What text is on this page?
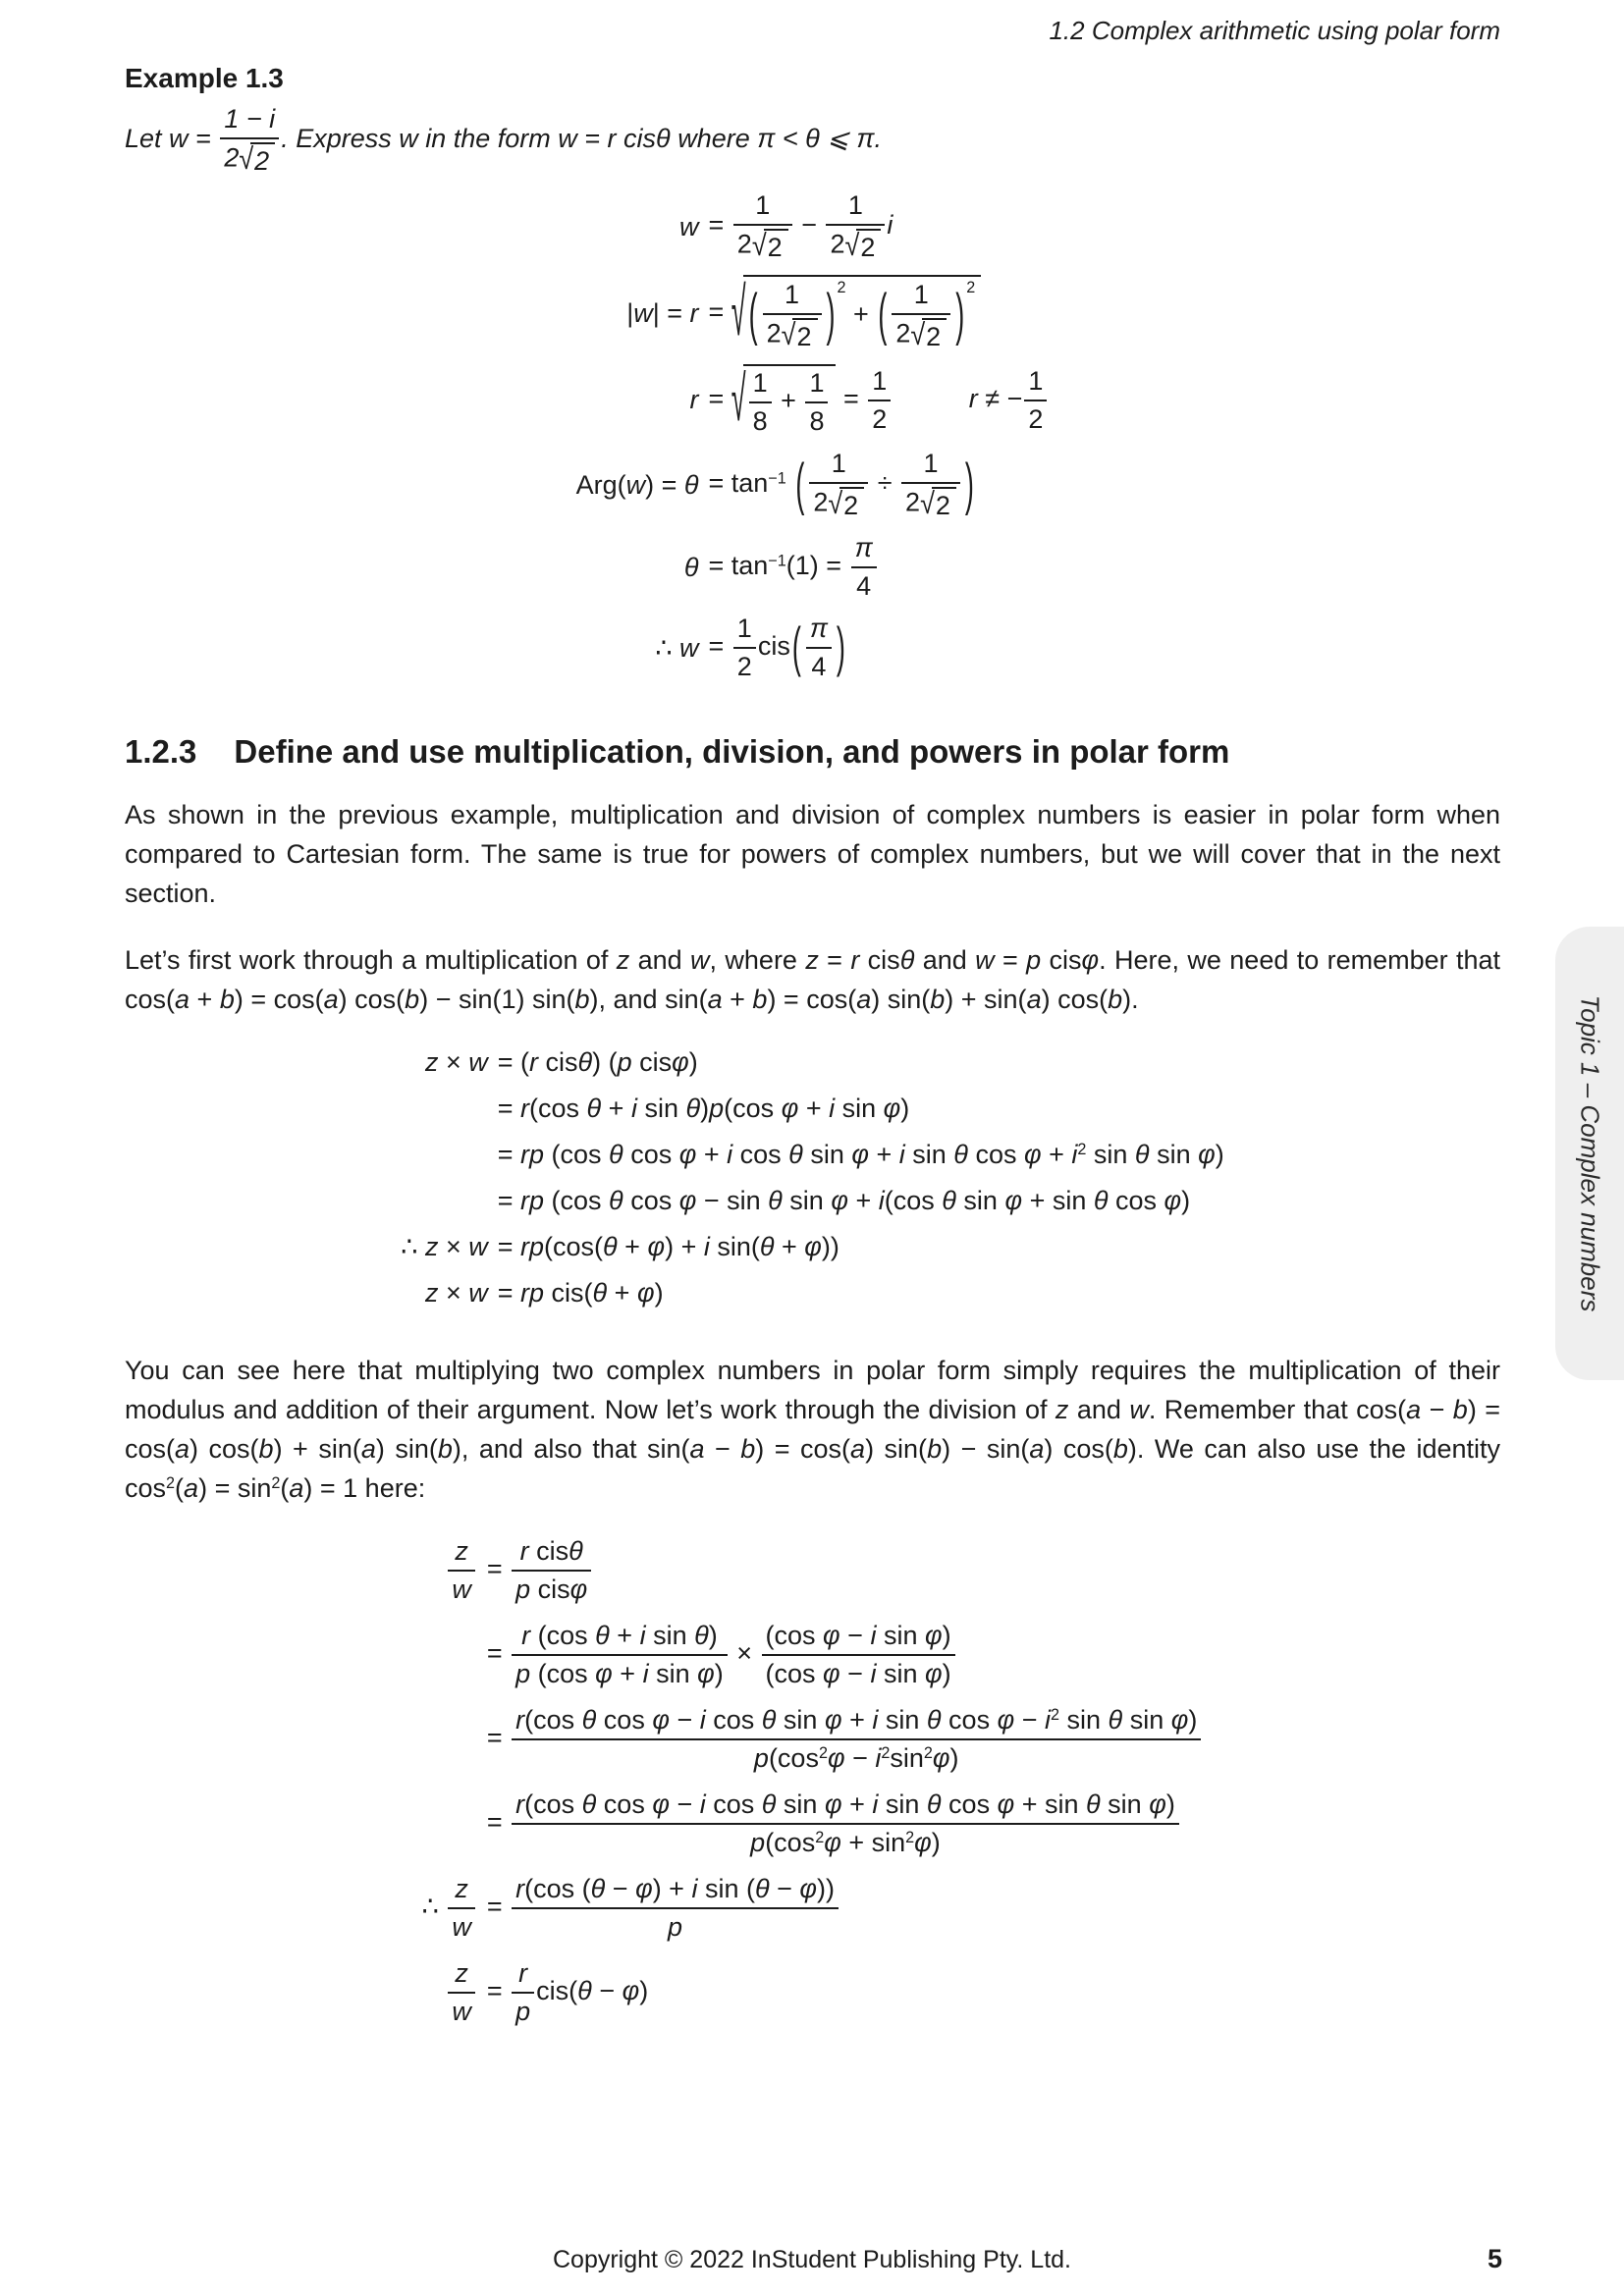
1.2 Complex arithmetic using polar form
Example 1.3

Let $w = \frac{1 - i}{2√2}$ . Express w in the form w = r cisθ where π < θ ⩽ π.

$w = \frac{1}{2√2} - \frac{1}{2√2}$ i
|w| = r = √ ( $\frac{1}{2√2}$ ) $^2$ + ( $\frac{1}{2√2}$ ) $^2$
r = √ $\frac{1}{8} + \frac{1}{8} = \frac{1}{2}$	r ≠ − $\frac{1}{2}$
$Arg(w) = \theta = \tan^{-1}$ ( $\frac{1}{2√2} \div \frac{1}{2√2}$ )
$\theta = \tan^{-1}(1) = \frac{\pi}{4}$
∴ $w = \frac{1}{2} cis( \frac{\pi}{4}$ )
1.2.3 Define and use multiplication, division, and powers in polar form

As shown in the previous example, multiplication and division of complex numbers is easier in polar form when compared to Cartesian form. The same is true for powers of complex numbers, but we will cover that in the next section.

Let’s first work through a multiplication of z and w, where z = r cisθ and w = p cisφ. Here, we need to remember that cos(a + b) = cos(a) cos(b) − sin(1) sin(b), and sin(a + b) = cos(a) sin(b) + sin(a) cos(b).

z × w = (r cisθ) (p cisφ)
= r(cos θ + i sin θ)p(cos φ + i sin φ)
= rp (cos θ cos φ + i cos θ sin φ + i sin θ $\cos \varphi + i^2$ sin θ sin φ)
= rp (cos θ cos φ − sin θ sin φ + i(cos θ sin φ + sin θ cos φ)
∴ z × w = rp(cos(θ + φ) + i sin(θ + φ))
z × w = rp cis(θ + φ)

You can see here that multiplying two complex numbers in polar form simply requires the multiplication of their modulus and addition of their argument. Now let’s work through the division of z and w. Remember that cos(a − b) = cos(a) cos(b) + sin(a) sin(b), and also that sin(a − b) = cos(a) sin(b) − sin(a) cos(b). We can also use the identity $\cos^2(a) = \sin^2(a) = 1$ here:

$\frac{z}{w} = \frac{\text{r cisθ}}{\text{p cisφ}}$
= $\frac{\text{r (cos θ + i sin θ)}}{\text{p (cos φ + i sin φ)}} \times \frac{\text{(cos φ − i sin φ)}}{\text{(cos φ − i sin φ)}}$
=
r(cos θ cos φ − i cos θ sin φ + i sin θ $\cos \varphi - i^2$ sin θ sin φ)
$p(\cos^2\varphi - i^2\sin^2\varphi)$
= $\frac{\text{r(cos θ cos φ − i cos θ sin φ + i sin θ cos φ + sin θ sin φ)}}{p(\cos^2\varphi + \sin^2\varphi)}$
∴ $\frac{z}{w} = \frac{\text{r(cos (θ − φ) + i sin (θ − φ))}}{p}$
$\frac{z}{w} = \frac{r}{p} cis(\theta - \varphi)$
Topic 1 – Complex numbers
Copyright © 2022 InStudent Publishing Pty. Ltd.	5
